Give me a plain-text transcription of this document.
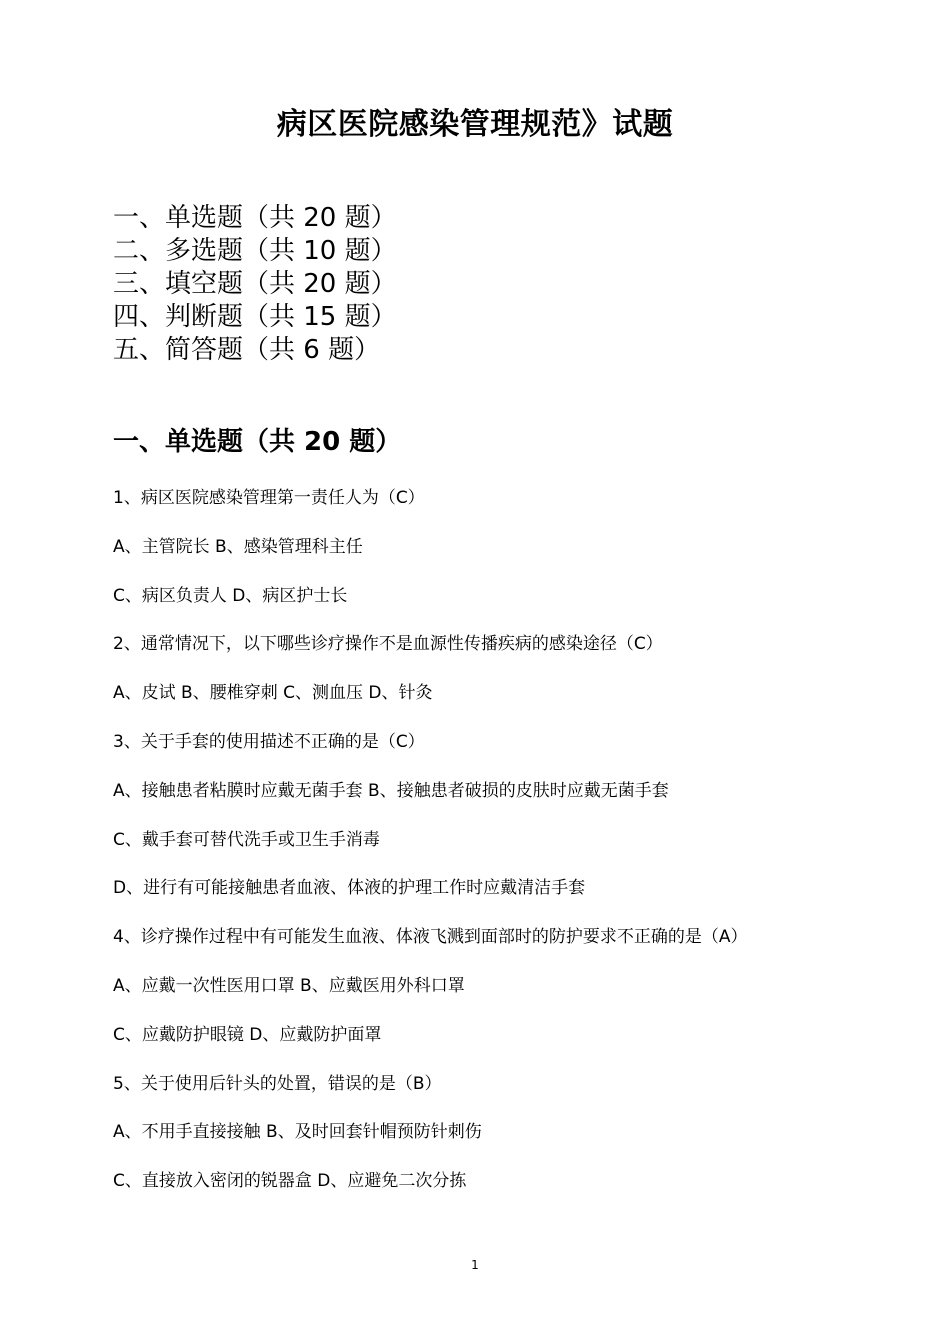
病区医院感染管理规范》试题
一、单选题（共 20 题）
二、多选题（共 10 题）
三、填空题（共 20 题）
四、判断题（共 15 题）
五、简答题（共 6 题）
一、单选题（共 20 题）
1、病区医院感染管理第一责任人为（C）
A、主管院长 B、感染管理科主任
C、病区负责人 D、病区护士长
2、通常情况下，以下哪些诊疗操作不是血源性传播疾病的感染途径（C）
A、皮试 B、腰椎穿刺 C、测血压 D、针灸
3、关于手套的使用描述不正确的是（C）
A、接触患者粘膜时应戴无菌手套 B、接触患者破损的皮肤时应戴无菌手套
C、戴手套可替代洗手或卫生手消毒
D、进行有可能接触患者血液、体液的护理工作时应戴清洁手套
4、诊疗操作过程中有可能发生血液、体液飞溅到面部时的防护要求不正确的是（A）
A、应戴一次性医用口罩 B、应戴医用外科口罩
C、应戴防护眼镜 D、应戴防护面罩
5、关于使用后针头的处置，错误的是（B）
A、不用手直接接触 B、及时回套针帽预防针刺伤
C、直接放入密闭的锐器盒 D、应避免二次分拣
1
